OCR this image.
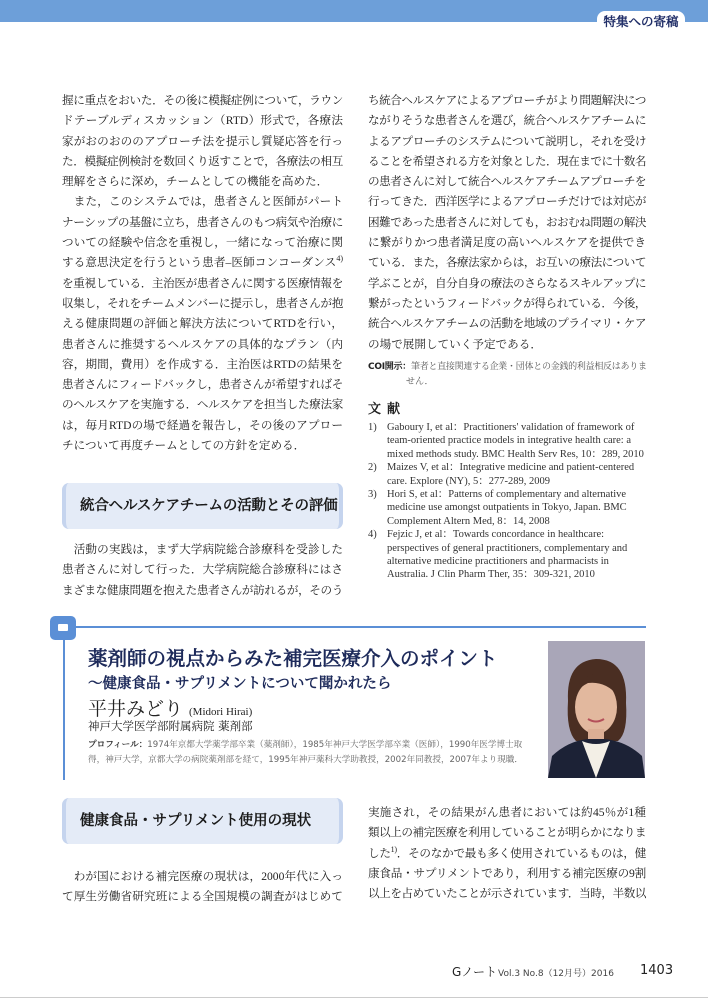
特集への寄稿
握に重点をおいた．その後に模擬症例について，ラウン
ドテーブルディスカッション（RTD）形式で，各療法
家がおのおののアプローチ法を提示し質疑応答を行っ
た．模擬症例検討を数回くり返すことで，各療法の相互
理解をさらに深め，チームとしての機能を高めた．
　また，このシステムでは，患者さんと医師がパート
ナーシップの基盤に立ち，患者さんのもつ病気や治療に
ついての経験や信念を重視し，一緒になって治療に関
する意思決定を行うという患者–医師コンコーダンス$^{4)}$
を重視している．主治医が患者さんに関する医療情報を
収集し，それをチームメンバーに提示し，患者さんが抱
える健康問題の評価と解決方法についてRTDを行い，
患者さんに推奨するヘルスケアの具体的なプラン（内
容，期間，費用）を作成する．主治医はRTDの結果を
患者さんにフィードバックし，患者さんが希望すればそ
のヘルスケアを実施する．ヘルスケアを担当した療法家
は，毎月RTDの場で経過を報告し，その後のアプロー
チについて再度チームとしての方針を定める．
統合ヘルスケアチームの活動とその評価
　活動の実践は，まず大学病院総合診療科を受診した
患者さんに対して行った．大学病院総合診療科にはさ
まざまな健康問題を抱えた患者さんが訪れるが，そのう
ち統合ヘルスケアによるアプローチがより問題解決につ
ながりそうな患者さんを選び，統合ヘルスケアチームに
よるアプローチのシステムについて説明し，それを受け
ることを希望される方を対象とした．現在までに十数名
の患者さんに対して統合ヘルスケアチームアプローチを
行ってきた．西洋医学によるアプローチだけでは対応が
困難であった患者さんに対しても，おおむね問題の解決
に繋がりかつ患者満足度の高いヘルスケアを提供でき
ている．また，各療法家からは，お互いの療法について
学ぶことが，自分自身の療法のさらなるスキルアップに
繋がったというフィードバックが得られている．今後，
統合ヘルスケアチームの活動を地域のプライマリ・ケア
の場で展開していく予定である．
COI開示：筆者と直接関連する企業・団体との金銭的利益相反はありま
せん．
文献
1) Gaboury I, et al：Practitioners' validation of framework of team-oriented practice models in integrative health care: a mixed methods study. BMC Health Serv Res, 10：289, 2010
2) Maizes V, et al：Integrative medicine and patient-centered care. Explore (NY), 5：277-289, 2009
3) Hori S, et al：Patterns of complementary and alternative medicine use amongst outpatients in Tokyo, Japan. BMC Complement Altern Med, 8：14, 2008
4) Fejzic J, et al：Towards concordance in healthcare: perspectives of general practitioners, complementary and alternative medicine practitioners and pharmacists in Australia. J Clin Pharm Ther, 35：309-321, 2010
薬剤師の視点からみた補完医療介入のポイント
～健康食品・サプリメントについて聞かれたら
平井みどり (Midori Hirai)
神戸大学医学部附属病院 薬剤部
プロフィール：1974年京都大学薬学部卒業（薬剤師），1985年神戸大学医学部卒業（医師），1990年医学博士取得，神戸大学，京都大学の病院薬剤部を経て，1995年神戸薬科大学助教授，2002年同教授，2007年より現職．
健康食品・サプリメント使用の現状
　わが国における補完医療の現状は，2000年代に入っ
て厚生労働省研究班による全国規模の調査がはじめて
実施され，その結果がん患者においては約45％が1種
類以上の補完医療を利用していることが明らかになりま
した$^{1)}$．そのなかで最も多く使用されているものは，健
康食品・サプリメントであり，利用する補完医療の9割
以上を占めていたことが示されています．当時，半数以
Gノート Vol.3 No.8（12月号）2016 1403
